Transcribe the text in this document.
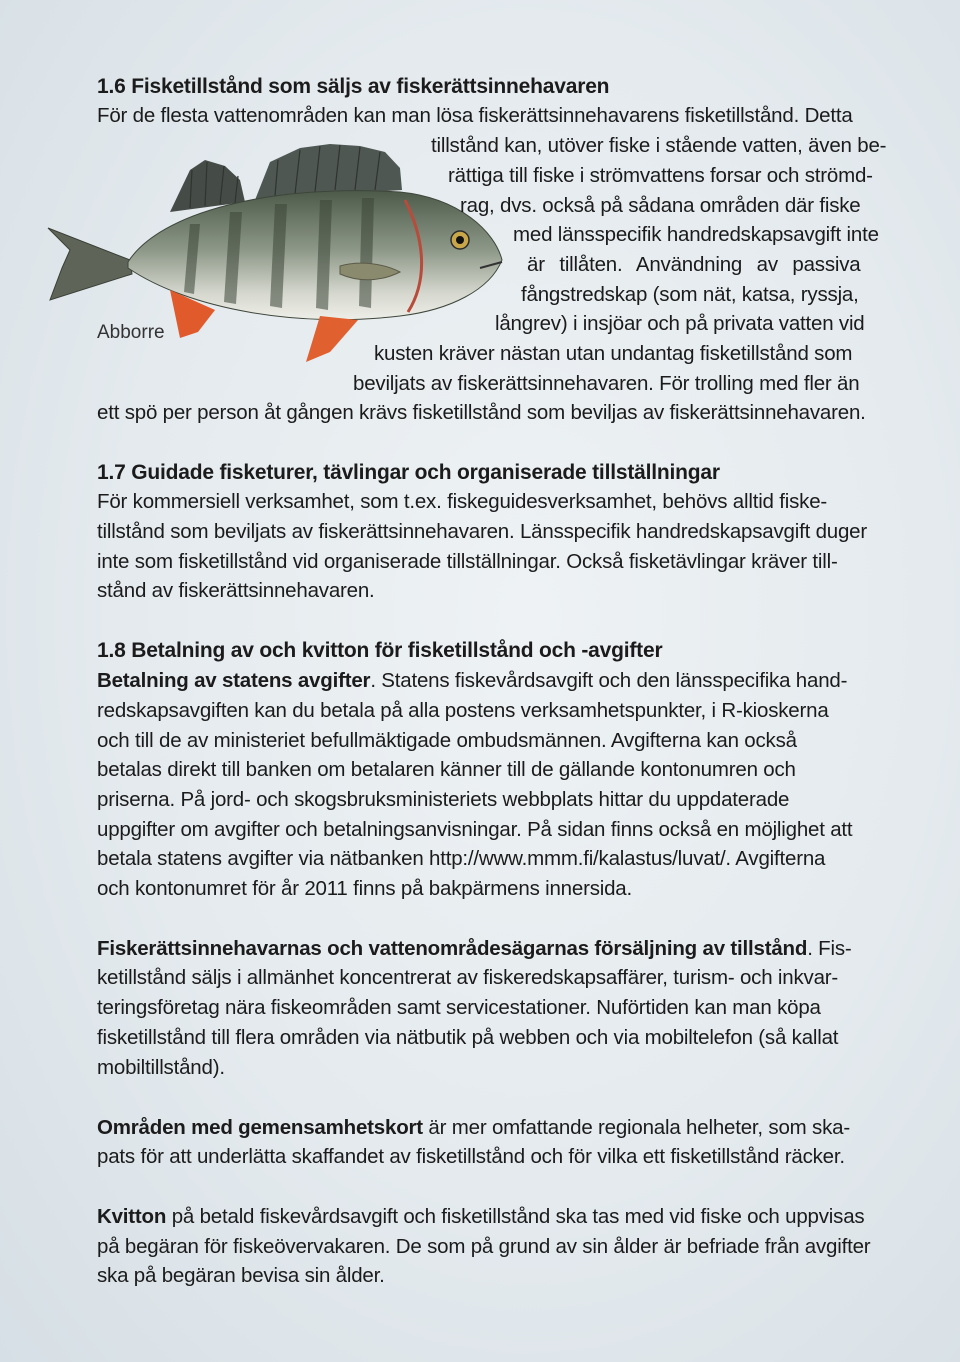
Abborre
1.6 Fisketillstånd som säljs av fiskerättsinnehavaren
För de flesta vattenområden kan man lösa fiskerättsinnehavarens fisketillstånd. Detta
tillstånd kan, utöver fiske i stående vatten, även be-
rättiga till fiske i strömvattens forsar och strömd-
rag, dvs. också på sådana områden där fiske
med länsspecifik handredskapsavgift inte
är tillåten. Användning av passiva
fångstredskap (som nät, katsa, ryssja,
långrev) i insjöar och på privata vatten vid
kusten kräver nästan utan undantag fisketillstånd som
beviljats av fiskerättsinnehavaren. För trolling med fler än
ett spö per person åt gången krävs fisketillstånd som beviljas av fiskerättsinnehavaren.
1.7 Guidade fisketurer, tävlingar och organiserade tillställningar
För kommersiell verksamhet, som t.ex. fiskeguidesverksamhet, behövs alltid fiske-
tillstånd som beviljats av fiskerättsinnehavaren. Länsspecifik handredskapsavgift duger
inte som fisketillstånd vid organiserade tillställningar. Också fisketävlingar kräver till-
stånd av fiskerättsinnehavaren.
1.8 Betalning av och kvitton för fisketillstånd och -avgifter
Betalning av statens avgifter. Statens fiskevårdsavgift och den länsspecifika hand-
redskapsavgiften kan du betala på alla postens verksamhetspunkter, i R-kioskerna
och till de av ministeriet befullmäktigade ombudsmännen. Avgifterna kan också
betalas direkt till banken om betalaren känner till de gällande kontonumren och
priserna. På jord- och skogsbruksministeriets webbplats hittar du uppdaterade
uppgifter om avgifter och betalningsanvisningar. På sidan finns också en möjlighet att
betala statens avgifter via nätbanken http://www.mmm.fi/kalastus/luvat/. Avgifterna
och kontonumret för år 2011 finns på bakpärmens innersida.
Fiskerättsinnehavarnas och vattenområdesägarnas försäljning av tillstånd. Fis-
ketillstånd säljs i allmänhet koncentrerat av fiskeredskapsaffärer, turism- och inkvar-
teringsföretag nära fiskeområden samt servicestationer. Nuförtiden kan man köpa
fisketillstånd till flera områden via nätbutik på webben och via mobiltelefon (så kallat
mobiltillstånd).
Områden med gemensamhetskort är mer omfattande regionala helheter, som ska-
pats för att underlätta skaffandet av fisketillstånd och för vilka ett fisketillstånd räcker.
Kvitton på betald fiskevårdsavgift och fisketillstånd ska tas med vid fiske och uppvisas
på begäran för fiskeövervakaren. De som på grund av sin ålder är befriade från avgifter
ska på begäran bevisa sin ålder.
